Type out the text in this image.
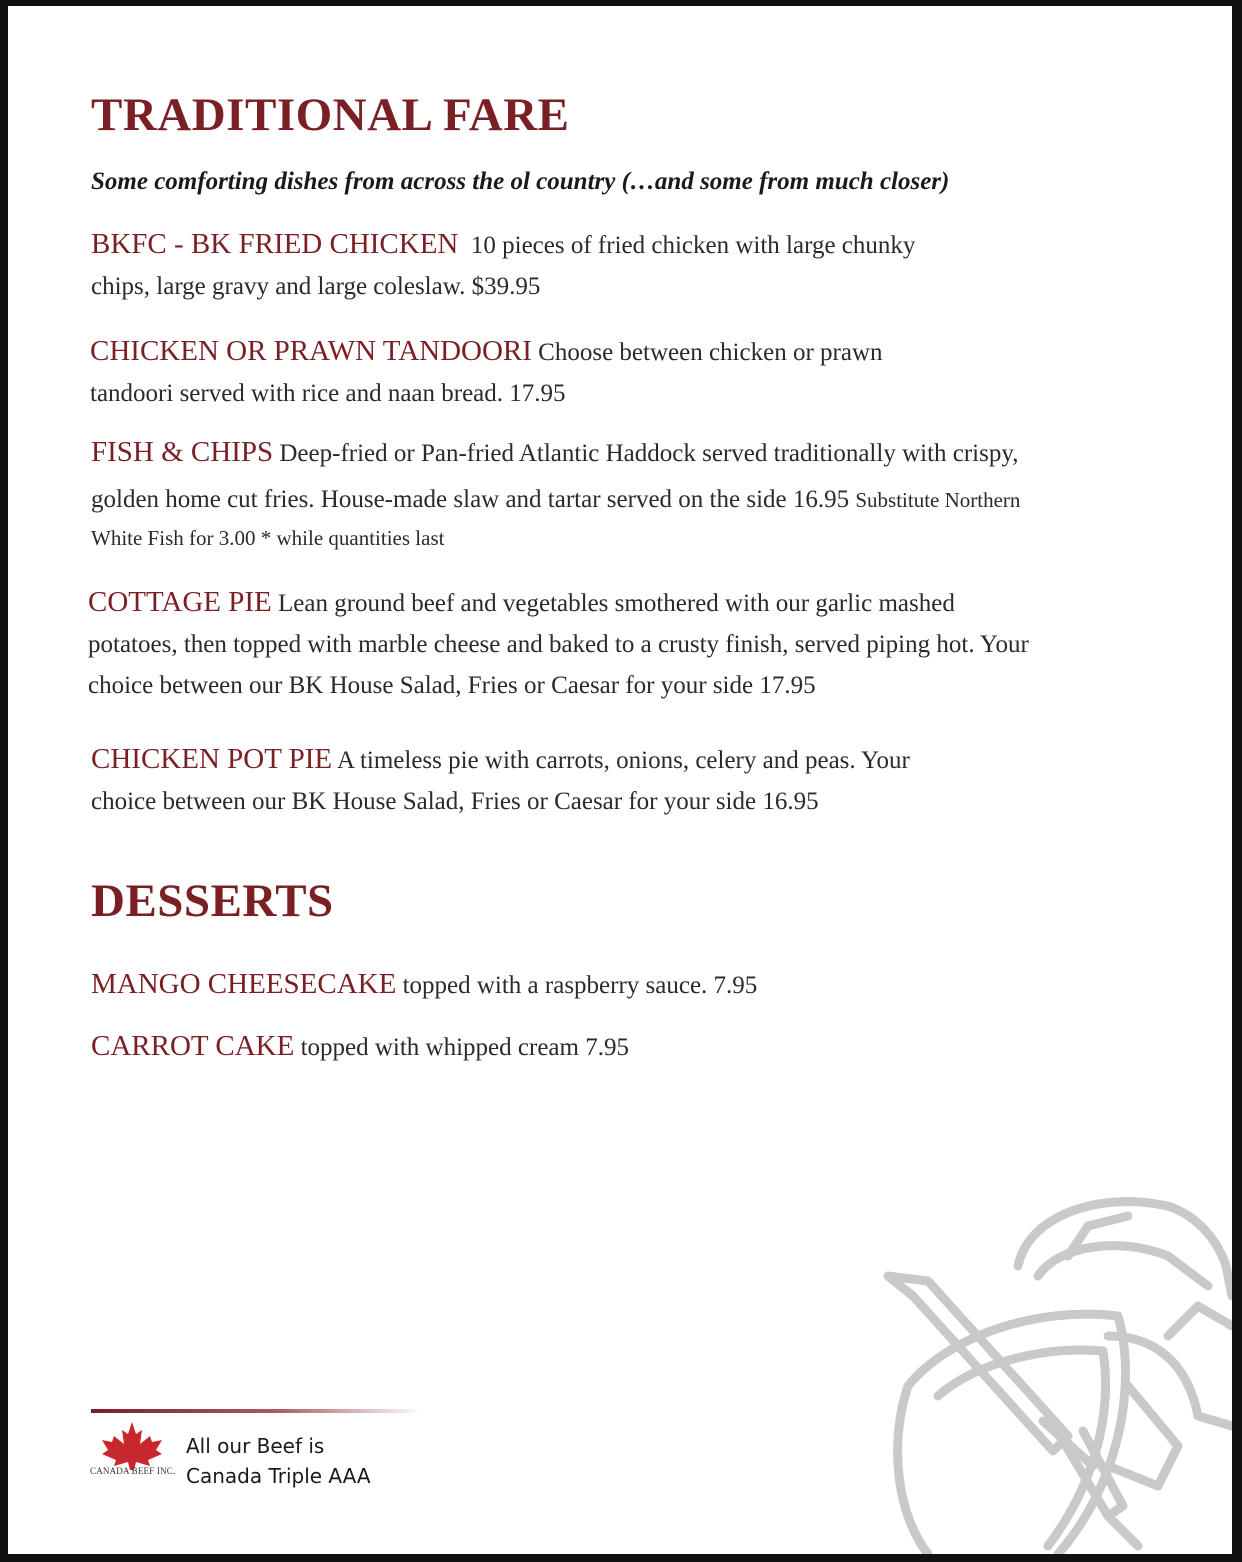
TRADITIONAL FARE
Some comforting dishes from across the ol country (…and some from much closer)
BKFC - BK FRIED CHICKEN 10 pieces of fried chicken with large chunky
chips, large gravy and large coleslaw. $39.95
CHICKEN OR PRAWN TANDOORI Choose between chicken or prawn
tandoori served with rice and naan bread. 17.95
FISH & CHIPS Deep-fried or Pan-fried Atlantic Haddock served traditionally with crispy,
golden home cut fries. House-made slaw and tartar served on the side 16.95 Substitute Northern
White Fish for 3.00 * while quantities last
COTTAGE PIE Lean ground beef and vegetables smothered with our garlic mashed
potatoes, then topped with marble cheese and baked to a crusty finish, served piping hot. Your
choice between our BK House Salad, Fries or Caesar for your side 17.95
CHICKEN POT PIE A timeless pie with carrots, onions, celery and peas. Your
choice between our BK House Salad, Fries or Caesar for your side 16.95
DESSERTS
MANGO CHEESECAKE topped with a raspberry sauce. 7.95
CARROT CAKE topped with whipped cream 7.95
CANADA BEEF INC.
All our Beef is
Canada Triple AAA
